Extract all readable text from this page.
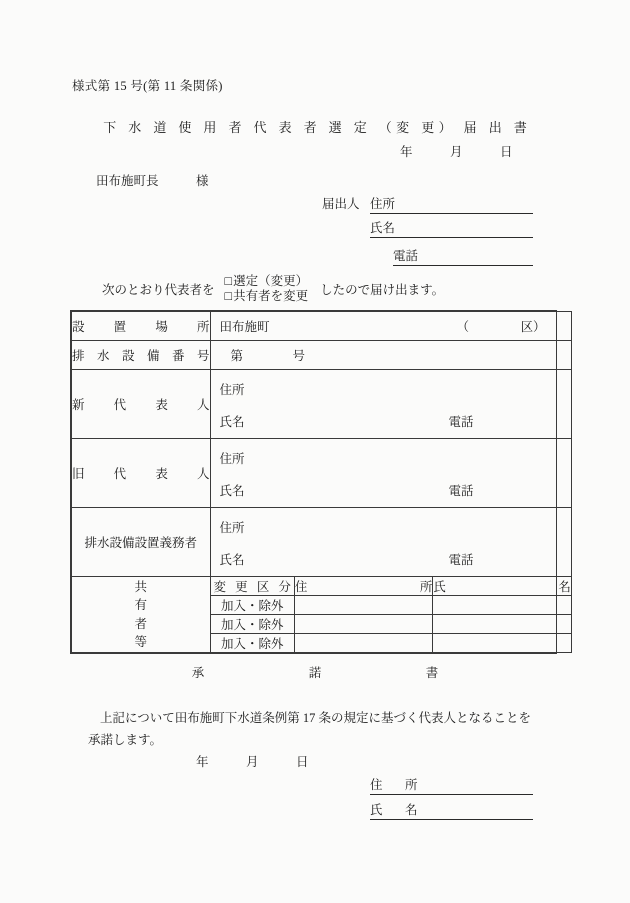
様式第 15 号(第 11 条関係)
下 水 道 使 用 者 代 表 者 選 定 （変 更） 届 出 書
年　　　月　　　日
田布施町長　　　様
届出人 住所
氏名
電話
次のとおり代表者を
□選定（変更）
□共有者を変更 したので届け出ます。
設　置　場　所	田布施町	（	区）

排　水　設　備　番　号	第	号

新　代　表　人	
住所
氏名	電話

旧　代　表　人	
住所
氏名	電話

排水設備設置義務者	
住所
氏名	電話

共
有
者
等

変 更 区 分	住　　　　　　　　　所	氏　　　　　　　　　名
加入・除外		
加入・除外		
加入・除外		
承　諾　書
上記について田布施町下水道条例第 17 条の規定に基づく代表人となることを承諾します。
年　　　月　　　日
住　所
氏　名
